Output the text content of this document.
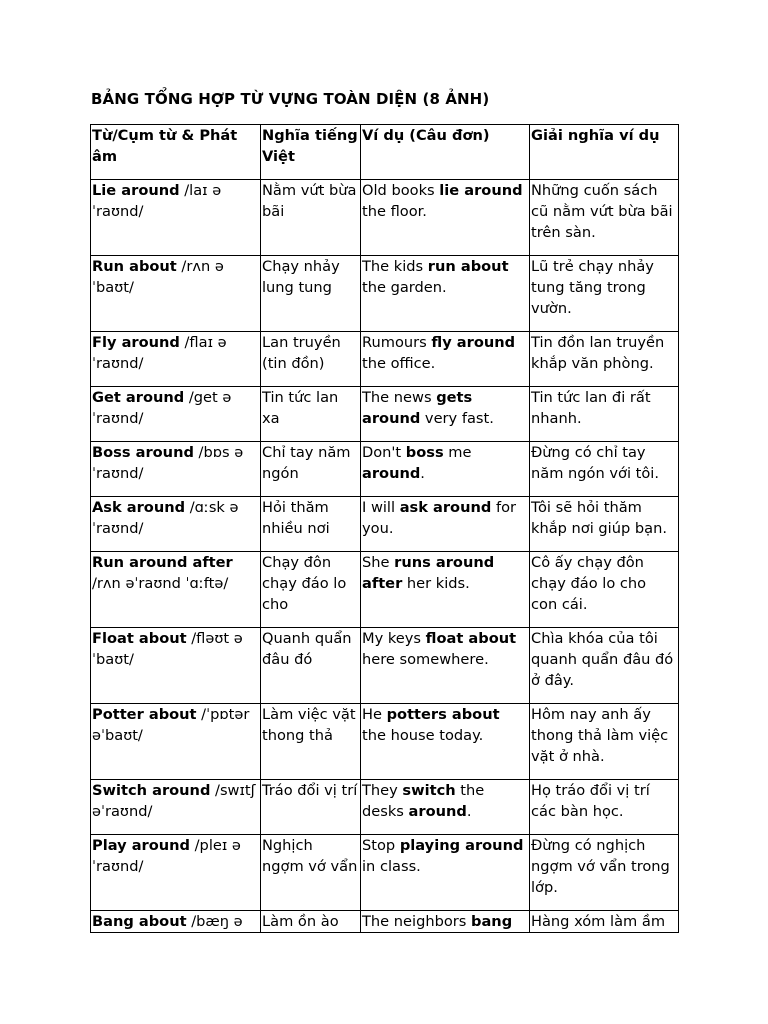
BẢNG TỔNG HỢP TỪ VỰNG TOÀN DIỆN (8 ẢNH)
Từ/Cụm từ & Phát âm	Nghĩa tiếng Việt	Ví dụ (Câu đơn)	Giải nghĩa ví dụ
Lie around /laɪ ə ˈraʊnd/	Nằm vứt bừa bãi	Old books lie around the floor.	Những cuốn sách cũ nằm vứt bừa bãi trên sàn.
Run about /rʌn ə ˈbaʊt/	Chạy nhảy lung tung	The kids run about the garden.	Lũ trẻ chạy nhảy tung tăng trong vườn.
Fly around /flaɪ ə ˈraʊnd/	Lan truyền (tin đồn)	Rumours fly around the office.	Tin đồn lan truyền khắp văn phòng.
Get around /get ə ˈraʊnd/	Tin tức lan xa	The news gets around very fast.	Tin tức lan đi rất nhanh.
Boss around /bɒs ə ˈraʊnd/	Chỉ tay năm ngón	Don't boss me around.	Đừng có chỉ tay năm ngón với tôi.
Ask around /ɑːsk ə ˈraʊnd/	Hỏi thăm nhiều nơi	I will ask around for you.	Tôi sẽ hỏi thăm khắp nơi giúp bạn.
Run around after /rʌn əˈraʊnd ˈɑːftə/	Chạy đôn chạy đáo lo cho	She runs around after her kids.	Cô ấy chạy đôn chạy đáo lo cho con cái.
Float about /fləʊt ə ˈbaʊt/	Quanh quẩn đâu đó	My keys float about here somewhere.	Chìa khóa của tôi quanh quẩn đâu đó ở đây.
Potter about /ˈpɒtər əˈbaʊt/	Làm việc vặt thong thả	He potters about the house today.	Hôm nay anh ấy thong thả làm việc vặt ở nhà.
Switch around /swɪtʃ əˈraʊnd/	Tráo đổi vị trí	They switch the desks around.	Họ tráo đổi vị trí các bàn học.
Play around /pleɪ ə ˈraʊnd/	Nghịch ngợm vớ vẩn	Stop playing around in class.	Đừng có nghịch ngợm vớ vẩn trong lớp.
Bang about /bæŋ ə	Làm ồn ào	The neighbors bang	Hàng xóm làm ầm
